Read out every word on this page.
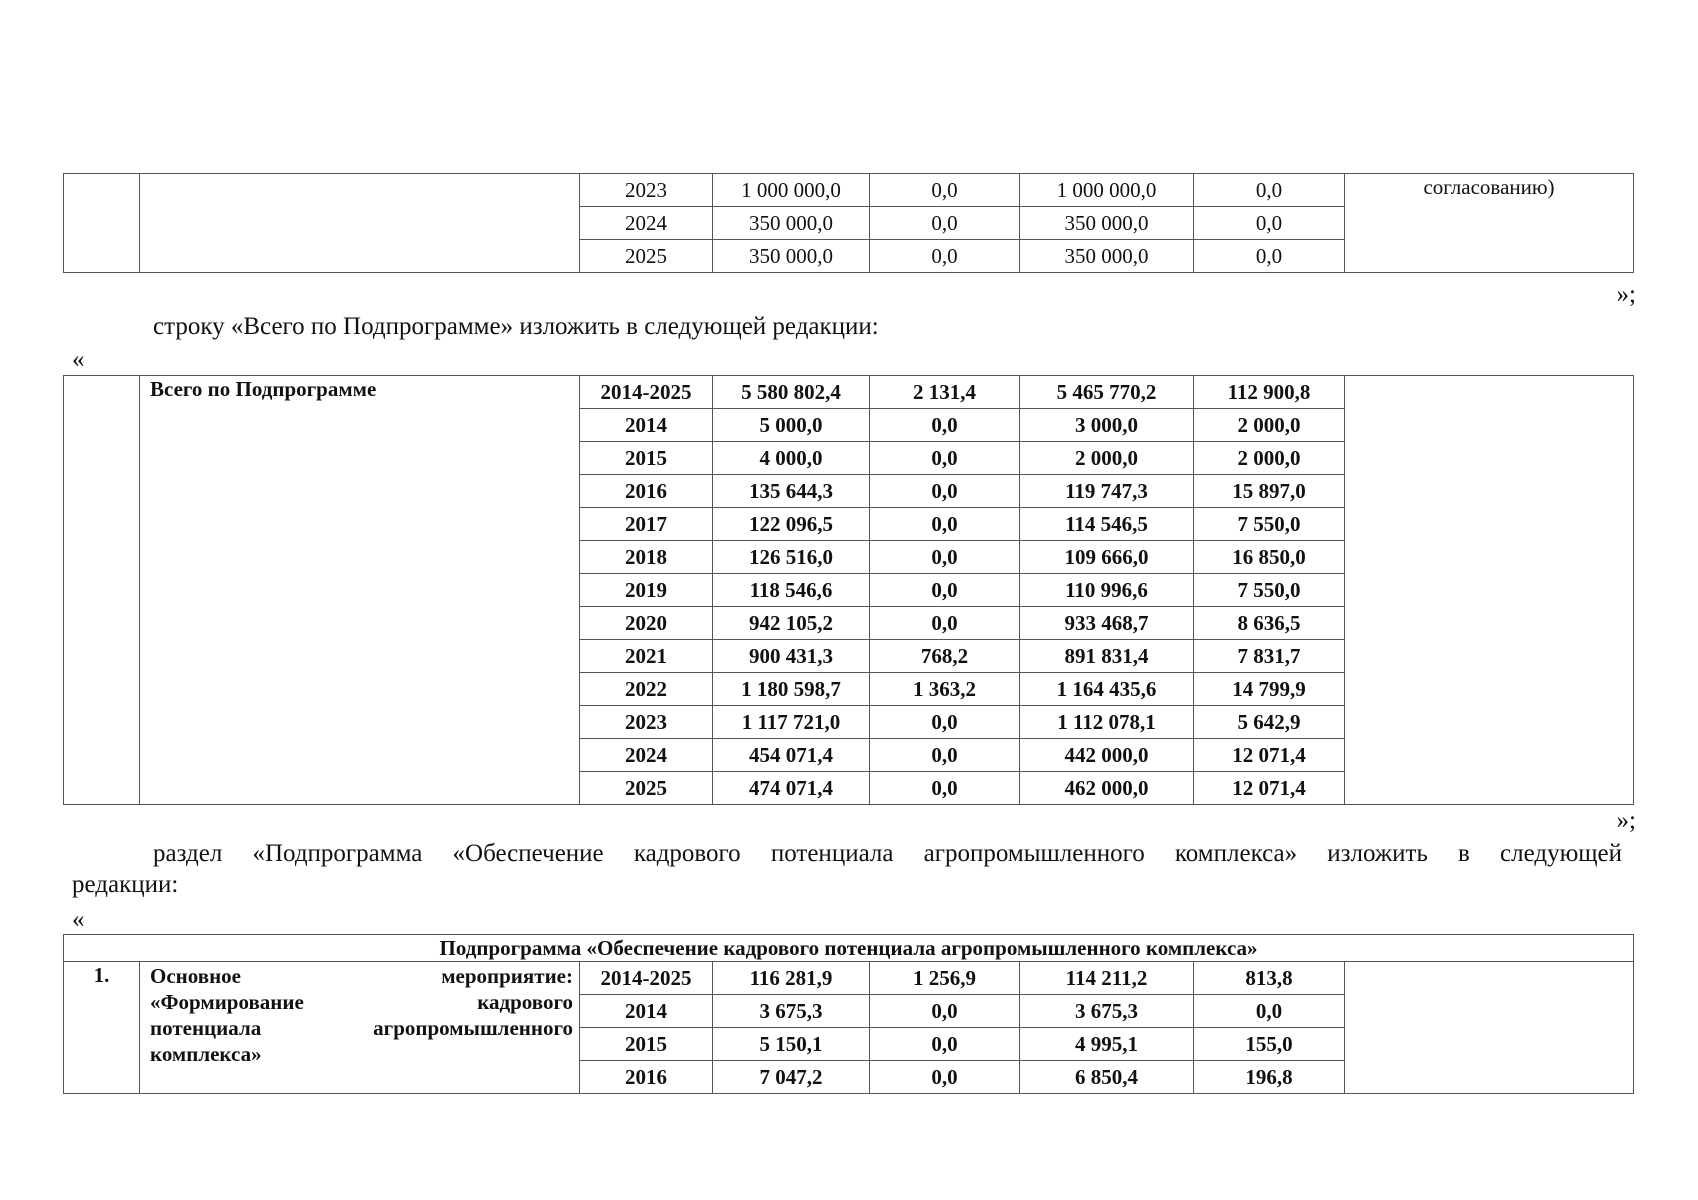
		2023	1 000 000,0	0,0	1 000 000,0	0,0	согласованию)
		2024	350 000,0	0,0	350 000,0	0,0	
		2025	350 000,0	0,0	350 000,0	0,0	
»;
строку «Всего по Подпрограмме» изложить в следующей редакции:
«
	Всего по Подпрограмме	2014-2025	5 580 802,4	2 131,4	5 465 770,2	112 900,8	
		2014	5 000,0	0,0	3 000,0	2 000,0	
		2015	4 000,0	0,0	2 000,0	2 000,0	
		2016	135 644,3	0,0	119 747,3	15 897,0	
		2017	122 096,5	0,0	114 546,5	7 550,0	
		2018	126 516,0	0,0	109 666,0	16 850,0	
		2019	118 546,6	0,0	110 996,6	7 550,0	
		2020	942 105,2	0,0	933 468,7	8 636,5	
		2021	900 431,3	768,2	891 831,4	7 831,7	
		2022	1 180 598,7	1 363,2	1 164 435,6	14 799,9	
		2023	1 117 721,0	0,0	1 112 078,1	5 642,9	
		2024	454 071,4	0,0	442 000,0	12 071,4	
		2025	474 071,4	0,0	462 000,0	12 071,4	
»;
раздел «Подпрограмма «Обеспечение кадрового потенциала агропромышленного комплекса» изложить в следующей
редакции:
«
Подпрограмма «Обеспечение кадрового потенциала агропромышленного комплекса»							
1.	Основное мероприятие:
«Формирование кадрового
потенциала агропромышленного
комплекса»	2014-2025	116 281,9	1 256,9	114 211,2	813,8	
		2014	3 675,3	0,0	3 675,3	0,0	
		2015	5 150,1	0,0	4 995,1	155,0	
		2016	7 047,2	0,0	6 850,4	196,8	
